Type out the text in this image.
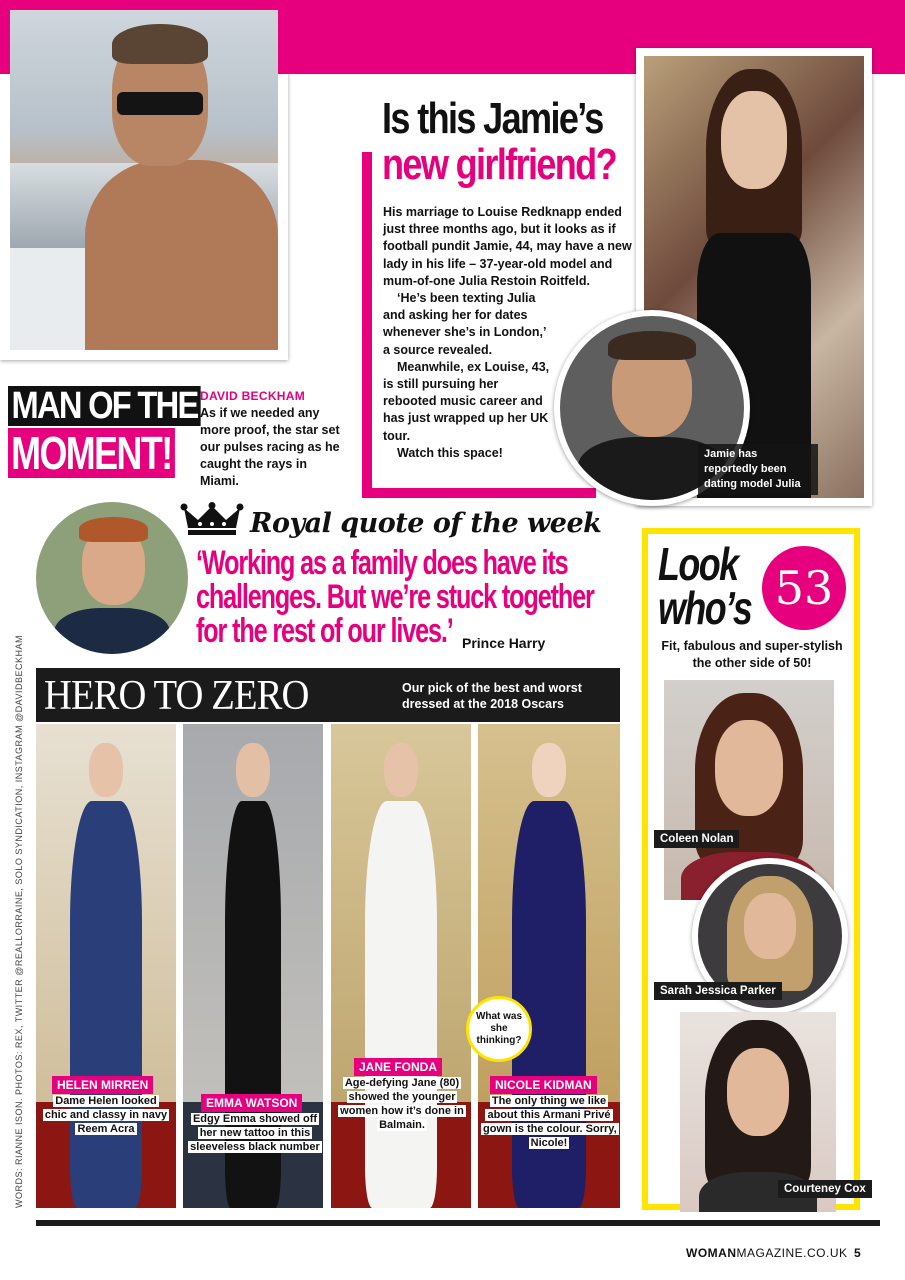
MAN OF THE
MOMENT!
DAVID BECKHAM
As if we needed any more proof, the star set our pulses racing as he caught the rays in Miami.
Is this Jamie’s
new girlfriend?

His marriage to Louise Redknapp ended just three months ago, but it looks as if football pundit Jamie, 44, may have a new lady in his life – 37-year-old model and mum-of-one Julia Restoin Roitfeld.

‘He’s been texting Julia and asking her for dates whenever she’s in London,’ a source revealed.

Meanwhile, ex Louise, 43, is still pursuing her rebooted music career and has just wrapped up her UK tour.

Watch this space!	Jamie has reportedly been dating model Julia
Royal quote of the week
‘Working as a family does have its
challenges. But we’re stuck together
for the rest of our lives.’ Prince Harry
HERO TO ZERO	Our pick of the best and worst dressed at the 2018 Oscars
HELEN MIRREN
Dame Helen looked chic and classy in navy Reem Acra
EMMA WATSON
Edgy Emma showed off her new tattoo in this sleeveless black number
JANE FONDA
Age-defying Jane (80) showed the younger women how it’s done in Balmain.
NICOLE KIDMAN
The only thing we like about this Armani Privé gown is the colour. Sorry, Nicole!
What was she thinking?
WORDS: RIANNE ISON. PHOTOS: REX, TWITTER @REALLORRAINE, SOLO SYNDICATION, INSTAGRAM @DAVIDBECKHAM
Look
who’s 53
Fit, fabulous and super-stylish the other side of 50!
Coleen Nolan
Sarah Jessica Parker
Courteney Cox
WOMANMAGAZINE.CO.UK 5
